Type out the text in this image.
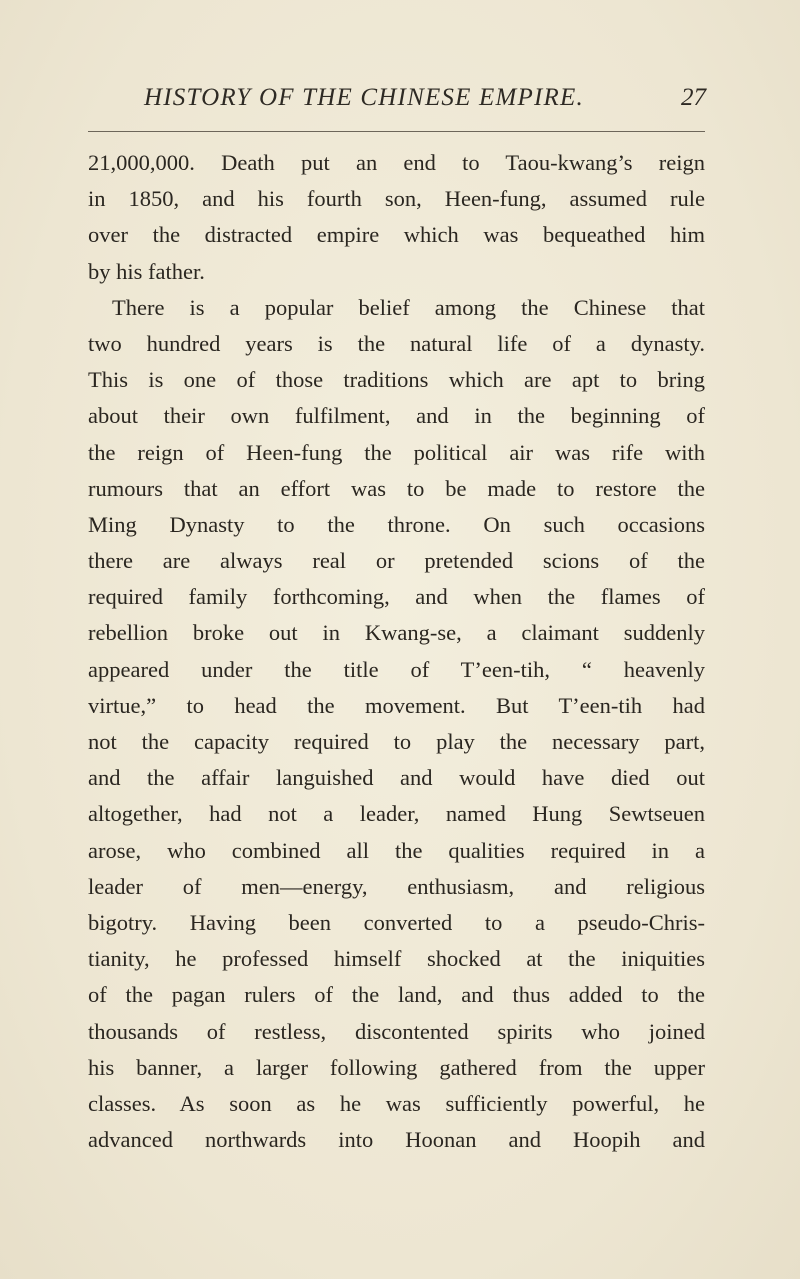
HISTORY OF THE CHINESE EMPIRE.	27
21,000,000. Death put an end to Taou-kwang’s reign
in 1850, and his fourth son, Heen-fung, assumed rule
over the distracted empire which was bequeathed him
by his father.
There is a popular belief among the Chinese that
two hundred years is the natural life of a dynasty.
This is one of those traditions which are apt to bring
about their own fulfilment, and in the beginning of
the reign of Heen-fung the political air was rife with
rumours that an effort was to be made to restore the
Ming Dynasty to the throne. On such occasions
there are always real or pretended scions of the
required family forthcoming, and when the flames of
rebellion broke out in Kwang-se, a claimant suddenly
appeared under the title of T’een-tih, “ heavenly
virtue,” to head the movement. But T’een-tih had
not the capacity required to play the necessary part,
and the affair languished and would have died out
altogether, had not a leader, named Hung Sewtseuen
arose, who combined all the qualities required in a
leader of men—energy, enthusiasm, and religious
bigotry. Having been converted to a pseudo-Chris-
tianity, he professed himself shocked at the iniquities
of the pagan rulers of the land, and thus added to the
thousands of restless, discontented spirits who joined
his banner, a larger following gathered from the upper
classes. As soon as he was sufficiently powerful, he
advanced northwards into Hoonan and Hoopih and
